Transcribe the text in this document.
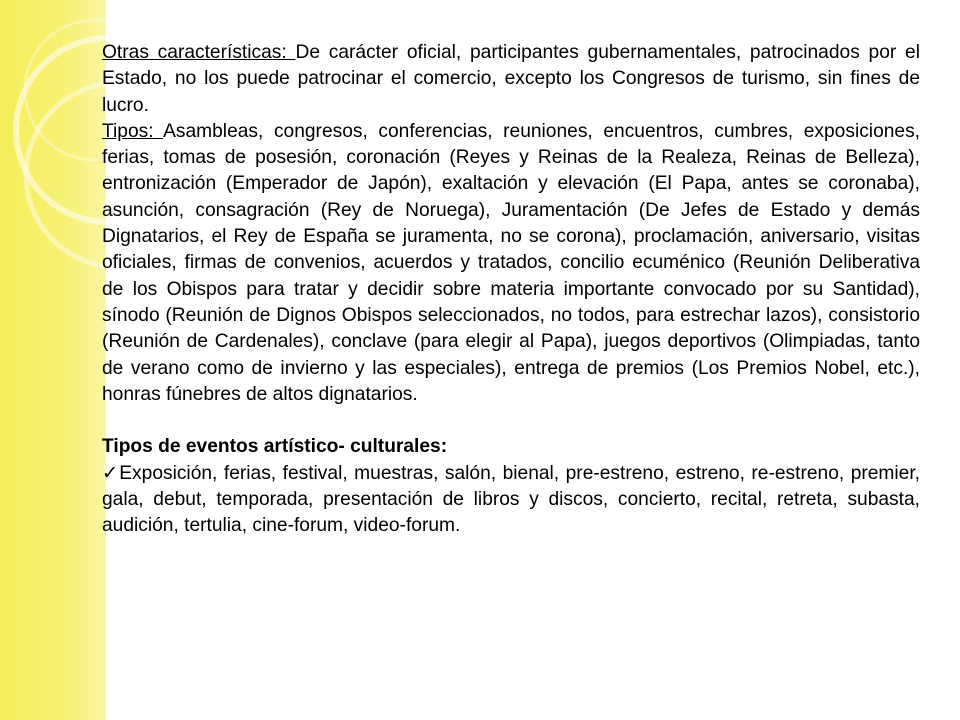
Otras características: De carácter oficial, participantes gubernamentales, patrocinados por el Estado, no los puede patrocinar el comercio, excepto los Congresos de turismo, sin fines de lucro.

Tipos: Asambleas, congresos, conferencias, reuniones, encuentros, cumbres, exposiciones, ferias, tomas de posesión, coronación (Reyes y Reinas de la Realeza, Reinas de Belleza), entronización (Emperador de Japón), exaltación y elevación (El Papa, antes se coronaba), asunción, consagración (Rey de Noruega), Juramentación (De Jefes de Estado y demás Dignatarios, el Rey de España se juramenta, no se corona), proclamación, aniversario, visitas oficiales, firmas de convenios, acuerdos y tratados, concilio ecuménico (Reunión Deliberativa de los Obispos para tratar y decidir sobre materia importante convocado por su Santidad), sínodo (Reunión de Dignos Obispos seleccionados, no todos, para estrechar lazos), consistorio (Reunión de Cardenales), conclave (para elegir al Papa), juegos deportivos (Olimpiadas, tanto de verano como de invierno y las especiales), entrega de premios (Los Premios Nobel, etc.), honras fúnebres de altos dignatarios.

Tipos de eventos artístico- culturales:

✓Exposición, ferias, festival, muestras, salón, bienal, pre-estreno, estreno, re-estreno, premier, gala, debut, temporada, presentación de libros y discos, concierto, recital, retreta, subasta, audición, tertulia, cine-forum, video-forum.
